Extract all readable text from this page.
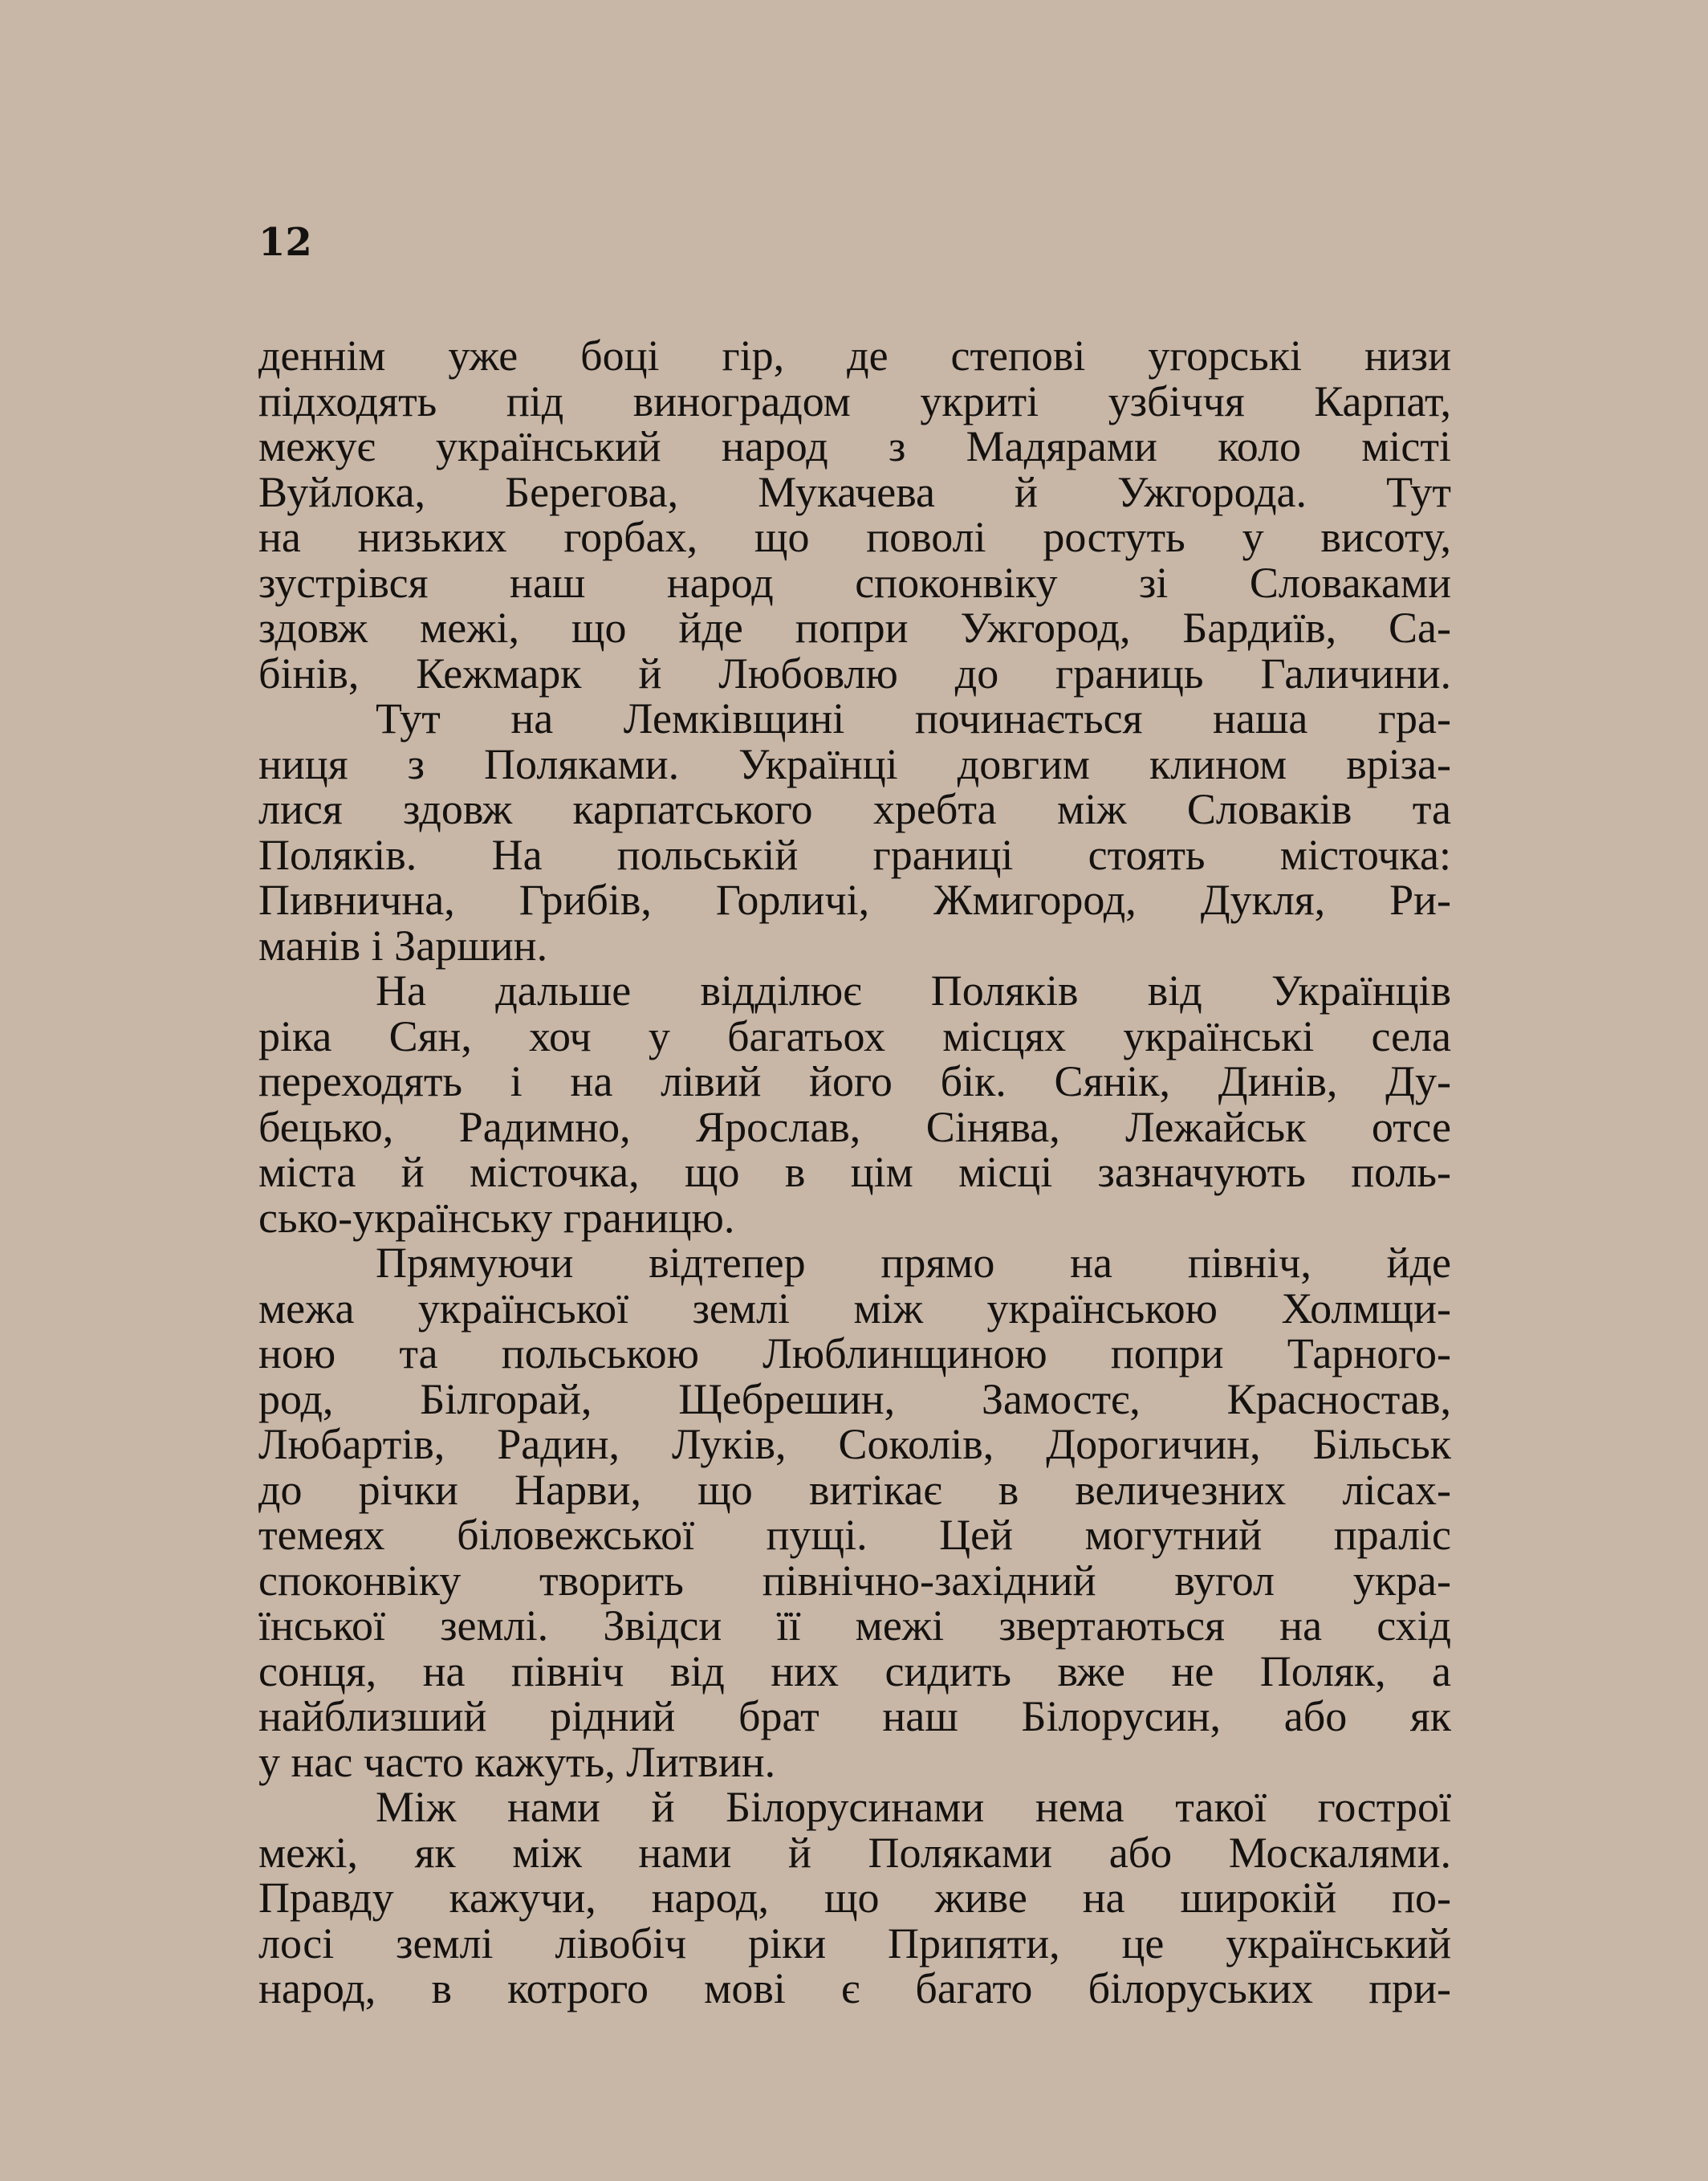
12
деннім уже боці гір, де степові угорські низи
підходять під виноградом укриті узбіччя Карпат,
межує український народ з Мадярами коло місті
Вуйлока, Берегова, Мукачева й Ужгорода. Тут
на низьких горбах, що поволі ростуть у висоту,
зустрівся наш народ споконвіку зі Словаками
здовж межі, що йде попри Ужгород, Бардиїв, Са-
бінів, Кежмарк й Любовлю до границь Галичини.
Тут на Лемківщині починається наша гра-
ниця з Поляками. Українці довгим клином вріза-
лися здовж карпатського хребта між Словаків та
Поляків. На польській границі стоять місточка:
Пивнична, Грибів, Горличі, Жмигород, Дукля, Ри-
манів і Заршин.
На дальше відділює Поляків від Українців
ріка Сян, хоч у багатьох місцях українські села
переходять і на лівий його бік. Сянік, Динів, Ду-
бецько, Радимно, Ярослав, Сінява, Лежайськ отсе
міста й місточка, що в цім місці зазначують поль-
сько-українську границю.
Прямуючи відтепер прямо на північ, йде
межа української землі між українською Холмщи-
ною та польською Люблинщиною попри Тарного-
род, Білгорай, Щебрешин, Замостє, Красностав,
Любартів, Радин, Луків, Соколів, Дорогичин, Більськ
до річки Нарви, що витікає в величезних лісах-
темеях біловежської пущі. Цей могутний праліс
споконвіку творить північно-західний вугол укра-
їнської землі. Звідси її межі звертаються на схід
сонця, на північ від них сидить вже не Поляк, а
найблизший рідний брат наш Білорусин, або як
у нас часто кажуть, Литвин.
Між нами й Білорусинами нема такої гострої
межі, як між нами й Поляками або Москалями.
Правду кажучи, народ, що живе на широкій по-
лосі землі лівобіч ріки Припяти, це український
народ, в котрого мові є багато білоруських при-
